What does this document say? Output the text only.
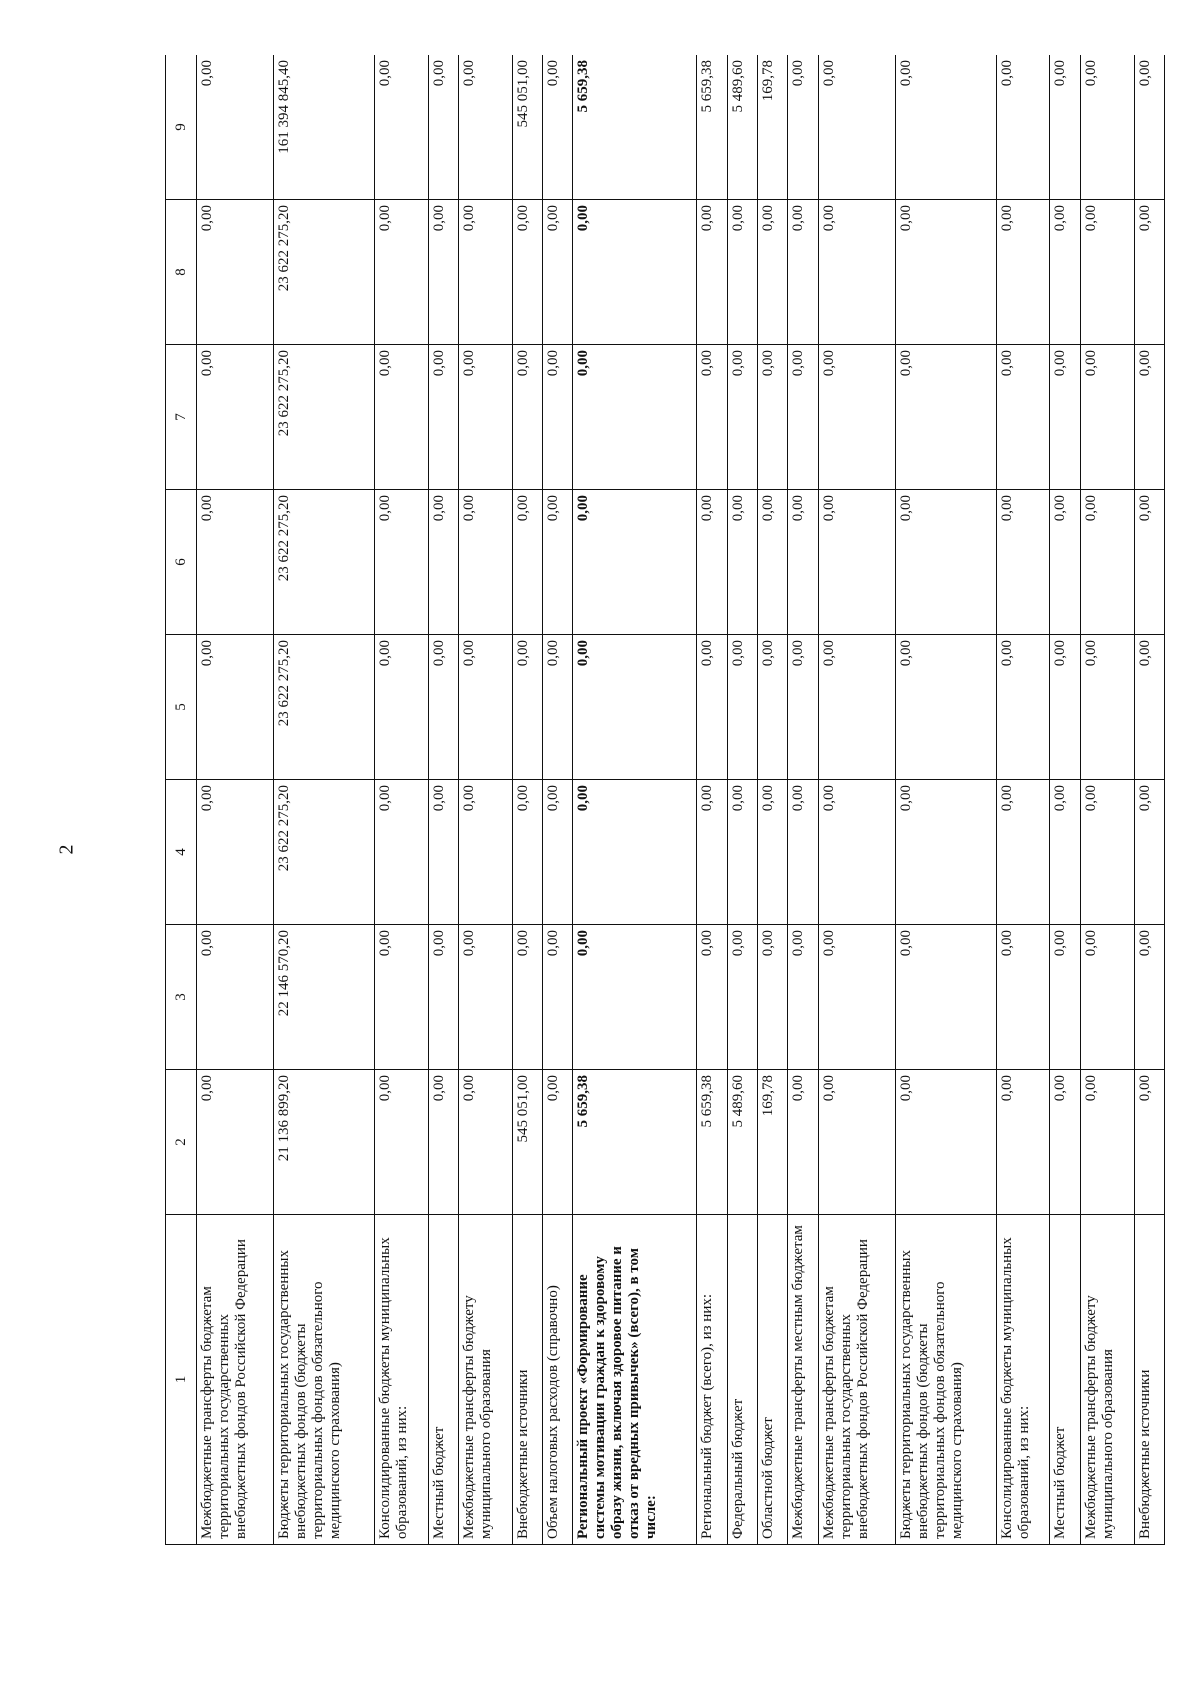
2
1	2	3	4	5	6	7	8	9
Межбюджетные трансферты бюджетам территориальных государственных внебюджетных фондов Российской Федерации	0,00	0,00	0,00	0,00	0,00	0,00	0,00	0,00
Бюджеты территориальных государственных внебюджетных фондов (бюджеты территориальных фондов обязательного медицинского страхования)	21 136 899,20	22 146 570,20	23 622 275,20	23 622 275,20	23 622 275,20	23 622 275,20	23 622 275,20	161 394 845,40
Консолидированные бюджеты муниципальных образований, из них:	0,00	0,00	0,00	0,00	0,00	0,00	0,00	0,00
Местный бюджет	0,00	0,00	0,00	0,00	0,00	0,00	0,00	0,00
Межбюджетные трансферты бюджету муниципального образования	0,00	0,00	0,00	0,00	0,00	0,00	0,00	0,00
Внебюджетные источники	545 051,00	0,00	0,00	0,00	0,00	0,00	0,00	545 051,00
Объем налоговых расходов (справочно)	0,00	0,00	0,00	0,00	0,00	0,00	0,00	0,00
Региональный проект «Формирование системы мотивации граждан к здоровому образу жизни, включая здоровое питание и отказ от вредных привычек» (всего), в том числе:	5 659,38	0,00	0,00	0,00	0,00	0,00	0,00	5 659,38
Региональный бюджет (всего), из них:	5 659,38	0,00	0,00	0,00	0,00	0,00	0,00	5 659,38
Федеральный бюджет	5 489,60	0,00	0,00	0,00	0,00	0,00	0,00	5 489,60
Областной бюджет	169,78	0,00	0,00	0,00	0,00	0,00	0,00	169,78
Межбюджетные трансферты местным бюджетам	0,00	0,00	0,00	0,00	0,00	0,00	0,00	0,00
Межбюджетные трансферты бюджетам территориальных государственных внебюджетных фондов Российской Федерации	0,00	0,00	0,00	0,00	0,00	0,00	0,00	0,00
Бюджеты территориальных государственных внебюджетных фондов (бюджеты территориальных фондов обязательного медицинского страхования)	0,00	0,00	0,00	0,00	0,00	0,00	0,00	0,00
Консолидированные бюджеты муниципальных образований, из них:	0,00	0,00	0,00	0,00	0,00	0,00	0,00	0,00
Местный бюджет	0,00	0,00	0,00	0,00	0,00	0,00	0,00	0,00
Межбюджетные трансферты бюджету муниципального образования	0,00	0,00	0,00	0,00	0,00	0,00	0,00	0,00
Внебюджетные источники	0,00	0,00	0,00	0,00	0,00	0,00	0,00	0,00
